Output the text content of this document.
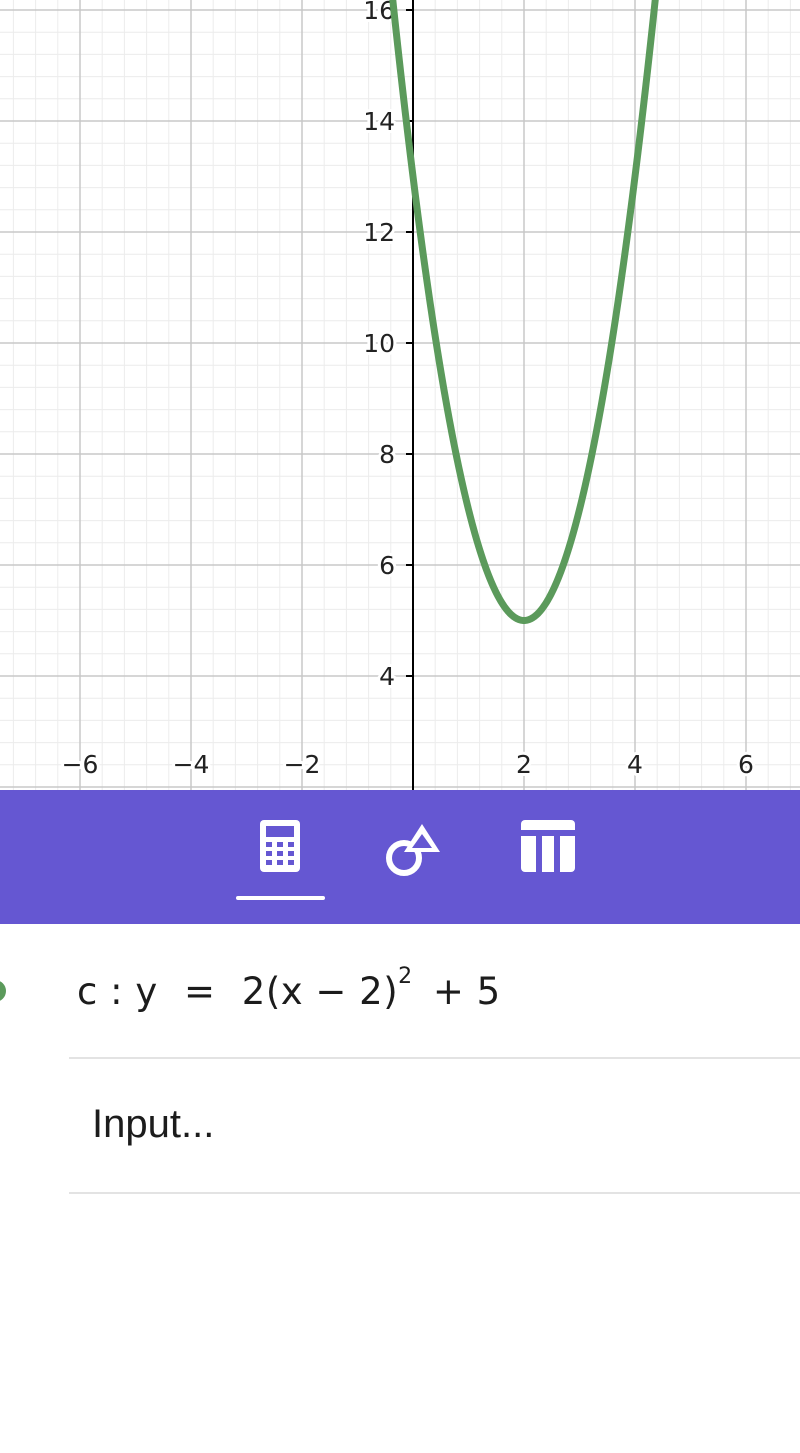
4
6
8
10
12
14
16
−6	−4	−2	2	4	6
c : $y = 2(x - 2)^2 + 5$
Input...
